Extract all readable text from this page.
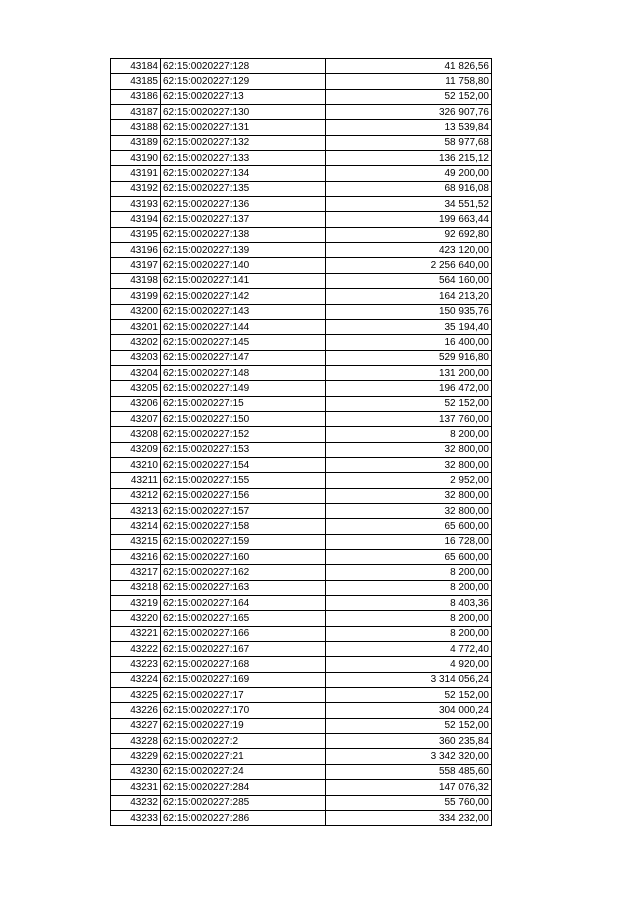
43184	62:15:0020227:128	41 826,56
43185	62:15:0020227:129	11 758,80
43186	62:15:0020227:13	52 152,00
43187	62:15:0020227:130	326 907,76
43188	62:15:0020227:131	13 539,84
43189	62:15:0020227:132	58 977,68
43190	62:15:0020227:133	136 215,12
43191	62:15:0020227:134	49 200,00
43192	62:15:0020227:135	68 916,08
43193	62:15:0020227:136	34 551,52
43194	62:15:0020227:137	199 663,44
43195	62:15:0020227:138	92 692,80
43196	62:15:0020227:139	423 120,00
43197	62:15:0020227:140	2 256 640,00
43198	62:15:0020227:141	564 160,00
43199	62:15:0020227:142	164 213,20
43200	62:15:0020227:143	150 935,76
43201	62:15:0020227:144	35 194,40
43202	62:15:0020227:145	16 400,00
43203	62:15:0020227:147	529 916,80
43204	62:15:0020227:148	131 200,00
43205	62:15:0020227:149	196 472,00
43206	62:15:0020227:15	52 152,00
43207	62:15:0020227:150	137 760,00
43208	62:15:0020227:152	8 200,00
43209	62:15:0020227:153	32 800,00
43210	62:15:0020227:154	32 800,00
43211	62:15:0020227:155	2 952,00
43212	62:15:0020227:156	32 800,00
43213	62:15:0020227:157	32 800,00
43214	62:15:0020227:158	65 600,00
43215	62:15:0020227:159	16 728,00
43216	62:15:0020227:160	65 600,00
43217	62:15:0020227:162	8 200,00
43218	62:15:0020227:163	8 200,00
43219	62:15:0020227:164	8 403,36
43220	62:15:0020227:165	8 200,00
43221	62:15:0020227:166	8 200,00
43222	62:15:0020227:167	4 772,40
43223	62:15:0020227:168	4 920,00
43224	62:15:0020227:169	3 314 056,24
43225	62:15:0020227:17	52 152,00
43226	62:15:0020227:170	304 000,24
43227	62:15:0020227:19	52 152,00
43228	62:15:0020227:2	360 235,84
43229	62:15:0020227:21	3 342 320,00
43230	62:15:0020227:24	558 485,60
43231	62:15:0020227:284	147 076,32
43232	62:15:0020227:285	55 760,00
43233	62:15:0020227:286	334 232,00
